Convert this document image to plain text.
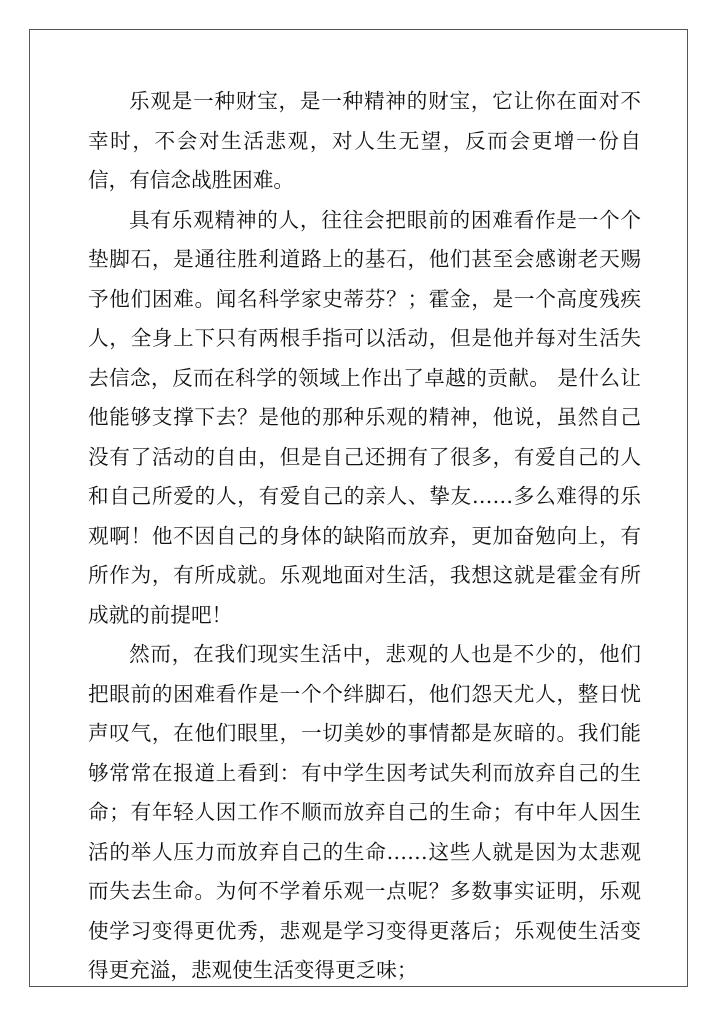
乐观是一种财宝，是一种精神的财宝，它让你在面对不幸时，不会对生活悲观，对人生无望，反而会更增一份自信，有信念战胜困难。

具有乐观精神的人，往往会把眼前的困难看作是一个个垫脚石，是通往胜利道路上的基石，他们甚至会感谢老天赐予他们困难。闻名科学家史蒂芬？；霍金，是一个高度残疾人，全身上下只有两根手指可以活动，但是他并每对生活失去信念，反而在科学的领域上作出了卓越的贡献。 是什么让他能够支撑下去？是他的那种乐观的精神，他说，虽然自己没有了活动的自由，但是自己还拥有了很多，有爱自己的人和自己所爱的人，有爱自己的亲人、挚友……多么难得的乐观啊！他不因自己的身体的缺陷而放弃，更加奋勉向上，有所作为，有所成就。乐观地面对生活，我想这就是霍金有所成就的前提吧！

然而，在我们现实生活中，悲观的人也是不少的，他们把眼前的困难看作是一个个绊脚石，他们怨天尤人，整日忧声叹气，在他们眼里，一切美妙的事情都是灰暗的。我们能够常常在报道上看到：有中学生因考试失利而放弃自己的生命；有年轻人因工作不顺而放弃自己的生命；有中年人因生活的举人压力而放弃自己的生命……这些人就是因为太悲观而失去生命。为何不学着乐观一点呢？多数事实证明，乐观使学习变得更优秀，悲观是学习变得更落后；乐观使生活变得更充溢，悲观使生活变得更乏味；
